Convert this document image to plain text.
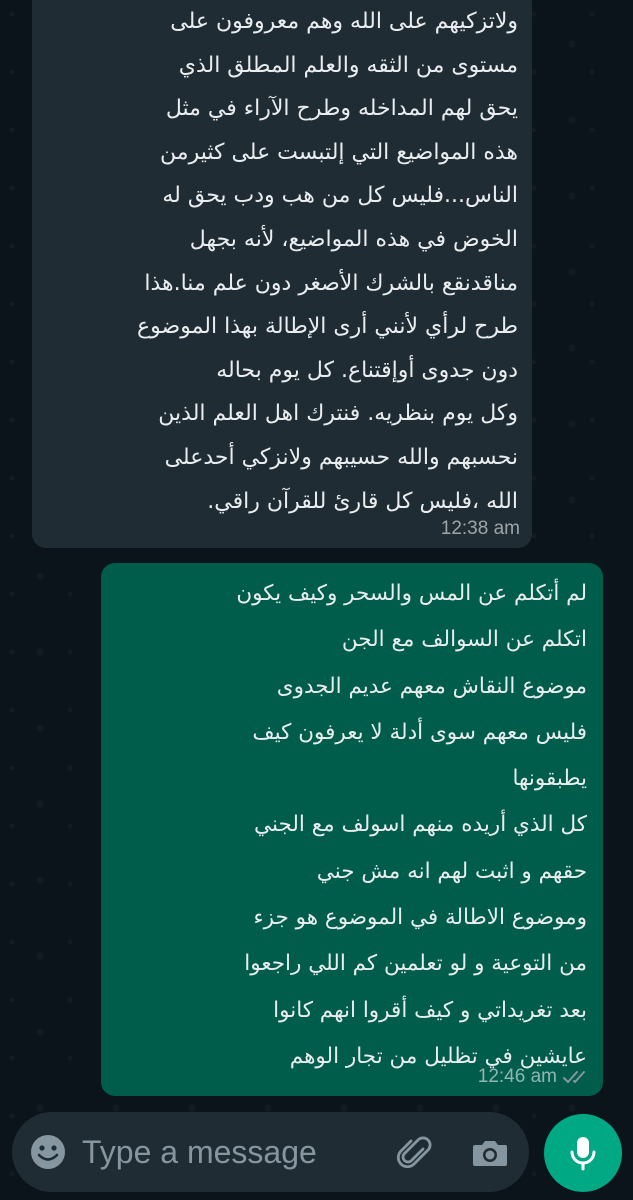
ولاتزكيهم على الله وهم معروفون على
مستوى من الثقه والعلم المطلق الذي
يحق لهم المداخله وطرح الآراء في مثل
هذه المواضيع التي إلتبست على كثيرمن
الناس...فليس كل من هب ودب يحق له
الخوض في هذه المواضيع، لأنه بجهل
مناقدنقع بالشرك الأصغر دون علم منا.هذا
طرح لرأي لأنني أرى الإطالة بهذا الموضوع
دون جدوى أوإقتناع. كل يوم بحاله
وكل يوم بنظريه. فنترك اهل العلم الذين
نحسبهم والله حسيبهم ولانزكي أحدعلى
الله ،فليس كل قارئ للقرآن راقي.
12:38 am
لم أتكلم عن المس والسحر وكيف يكون
اتكلم عن السوالف مع الجن
موضوع النقاش معهم عديم الجدوى
فليس معهم سوى أدلة لا يعرفون كيف
يطبقونها
كل الذي أريده منهم اسولف مع الجني
حقهم و اثبت لهم انه مش جني
وموضوع الاطالة في الموضوع هو جزء
من التوعية و لو تعلمين كم اللي راجعوا
بعد تغريداتي و كيف أقروا انهم كانوا
عايشين في تظليل من تجار الوهم
12:46 am
Type a message
